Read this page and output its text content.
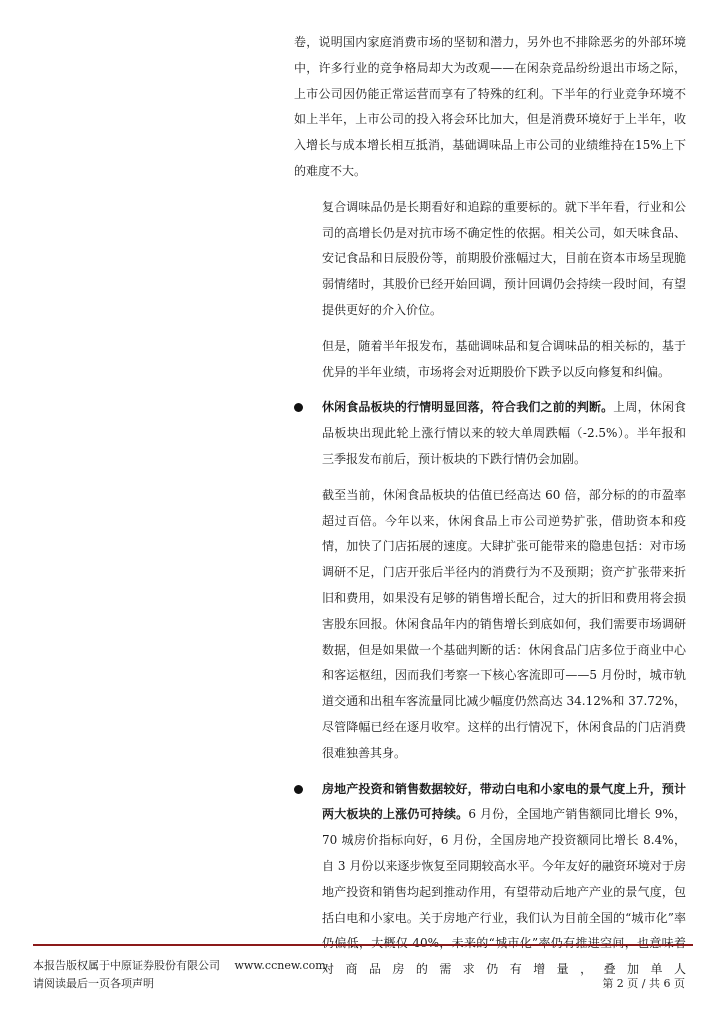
卷，说明国内家庭消费市场的坚韧和潜力，另外也不排除恶劣的外部环境中，许多行业的竞争格局却大为改观——在闲杂竞品纷纷退出市场之际，上市公司因仍能正常运营而享有了特殊的红利。下半年的行业竞争环境不如上半年，上市公司的投入将会环比加大，但是消费环境好于上半年，收入增长与成本增长相互抵消，基础调味品上市公司的业绩维持在15%上下的难度不大。

复合调味品仍是长期看好和追踪的重要标的。就下半年看，行业和公司的高增长仍是对抗市场不确定性的依据。相关公司，如天味食品、安记食品和日辰股份等，前期股价涨幅过大，目前在资本市场呈现脆弱情绪时，其股价已经开始回调，预计回调仍会持续一段时间，有望提供更好的介入价位。

但是，随着半年报发布，基础调味品和复合调味品的相关标的，基于优异的半年业绩，市场将会对近期股价下跌予以反向修复和纠偏。

休闲食品板块的行情明显回落，符合我们之前的判断。上周，休闲食品板块出现此轮上涨行情以来的较大单周跌幅（-2.5%）。半年报和三季报发布前后，预计板块的下跌行情仍会加剧。

截至当前，休闲食品板块的估值已经高达 60 倍，部分标的的市盈率超过百倍。今年以来，休闲食品上市公司逆势扩张，借助资本和疫情，加快了门店拓展的速度。大肆扩张可能带来的隐患包括：对市场调研不足，门店开张后半径内的消费行为不及预期；资产扩张带来折旧和费用，如果没有足够的销售增长配合，过大的折旧和费用将会损害股东回报。休闲食品年内的销售增长到底如何，我们需要市场调研数据，但是如果做一个基础判断的话：休闲食品门店多位于商业中心和客运枢纽，因而我们考察一下核心客流即可——5 月份时，城市轨道交通和出租车客流量同比减少幅度仍然高达 34.12%和 37.72%，尽管降幅已经在逐月收窄。这样的出行情况下，休闲食品的门店消费很难独善其身。

房地产投资和销售数据较好，带动白电和小家电的景气度上升，预计两大板块的上涨仍可持续。6 月份，全国地产销售额同比增长 9%，70 城房价指标向好，6 月份，全国房地产投资额同比增长 8.4%，自 3 月份以来逐步恢复至同期较高水平。今年友好的融资环境对于房地产投资和销售均起到推动作用，有望带动后地产产业的景气度，包括白电和小家电。关于房地产行业，我们认为目前全国的“城市化”率 对商品房的需求仍有增量，叠加单人

本报告版权属于中原证券股份有限公司　 www.ccnew.com
请阅读最后一页各项声明	第 2 页 / 共 6 页
